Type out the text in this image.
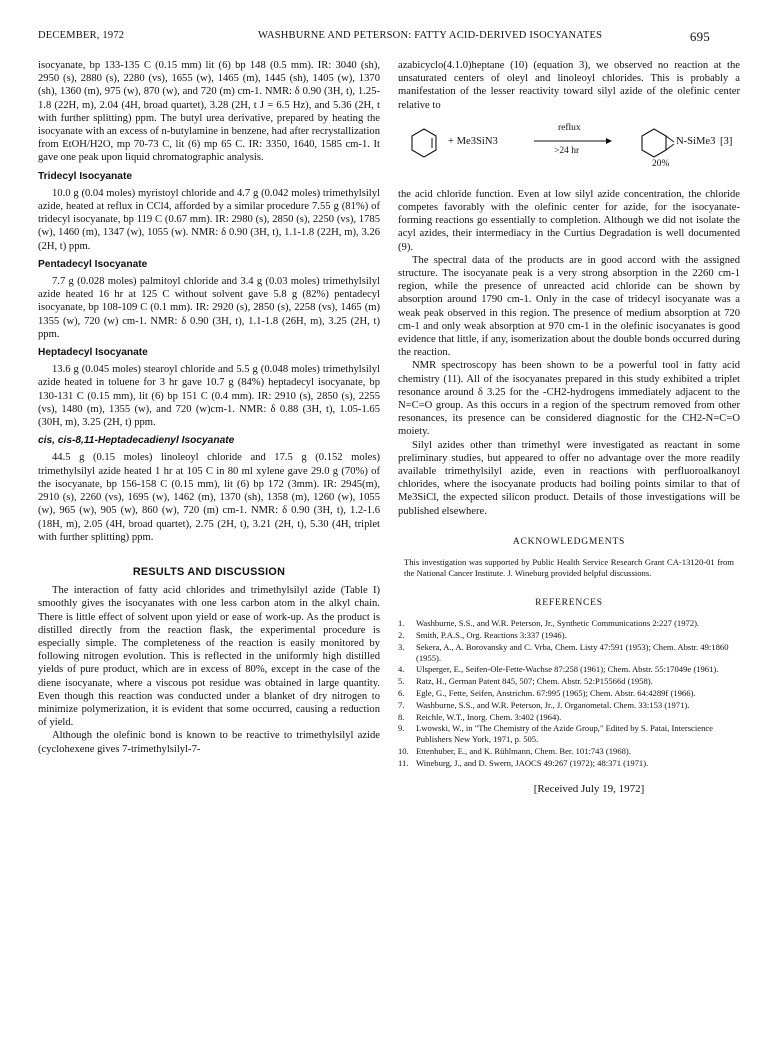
DECEMBER, 1972	WASHBURNE AND PETERSON: FATTY ACID-DERIVED ISOCYANATES	695

isocyanate, bp 133-135 C (0.15 mm) lit (6) bp 148 (0.5 mm). IR: 3040 (sh), 2950 (s), 2880 (s), 2280 (vs), 1655 (w), 1465 (m), 1445 (sh), 1405 (w), 1370 (sh), 1360 (m), 975 (w), 870 (w), and 720 (m) cm-1. NMR: δ 0.90 (3H, t), 1.25-1.8 (22H, m), 2.04 (4H, broad quartet), 3.28 (2H, t J = 6.5 Hz), and 5.36 (2H, t with further splitting) ppm. The butyl urea derivative, prepared by heating the isocyanate with an excess of n-butylamine in benzene, had after recrystallization from EtOH/H2O, mp 70-73 C, lit (6) mp 65 C. IR: 3350, 1640, 1585 cm-1. It gave one peak upon liquid chromatographic analysis.

Tridecyl Isocyanate

10.0 g (0.04 moles) myristoyl chloride and 4.7 g (0.042 moles) trimethylsilyl azide, heated at reflux in CCl4, afforded by a similar procedure 7.55 g (81%) of tridecyl isocyanate, bp 119 C (0.67 mm). IR: 2980 (s), 2850 (s), 2250 (vs), 1785 (w), 1460 (m), 1347 (w), 1055 (w). NMR: δ 0.90 (3H, t), 1.1-1.8 (22H, m), 3.26 (2H, t) ppm.

Pentadecyl Isocyanate

7.7 g (0.028 moles) palmitoyl chloride and 3.4 g (0.03 moles) trimethylsilyl azide heated 16 hr at 125 C without solvent gave 5.8 g (82%) pentadecyl isocyanate, bp 108-109 C (0.1 mm). IR: 2920 (s), 2850 (s), 2258 (vs), 1465 (m) 1355 (w), 720 (w) cm-1. NMR: δ 0.90 (3H, t), 1.1-1.8 (26H, m), 3.25 (2H, t) ppm.

Heptadecyl Isocyanate

13.6 g (0.045 moles) stearoyl chloride and 5.5 g (0.048 moles) trimethylsilyl azide heated in toluene for 3 hr gave 10.7 g (84%) heptadecyl isocyanate, bp 130-131 C (0.15 mm), lit (6) bp 151 C (0.4 mm). IR: 2910 (s), 2850 (s), 2255 (vs), 1480 (m), 1355 (w), and 720 (w)cm-1. NMR: δ 0.88 (3H, t), 1.05-1.65 (30H, m), 3.25 (2H, t) ppm.

cis, cis-8,11-Heptadecadienyl Isocyanate

44.5 g (0.15 moles) linoleoyl chloride and 17.5 g (0.152 moles) trimethylsilyl azide heated 1 hr at 105 C in 80 ml xylene gave 29.0 g (70%) of the isocyanate, bp 156-158 C (0.15 mm), lit (6) bp 172 (3mm). IR: 2945(m), 2910 (s), 2260 (vs), 1695 (w), 1462 (m), 1370 (sh), 1358 (m), 1260 (w), 1055 (w), 965 (w), 905 (w), 860 (w), 720 (m) cm-1. NMR: δ 0.90 (3H, t), 1.2-1.6 (18H, m), 2.05 (4H, broad quartet), 2.75 (2H, t), 3.21 (2H, t), 5.30 (4H, triplet with further splitting) ppm.

RESULTS AND DISCUSSION

The interaction of fatty acid chlorides and trimethylsilyl azide (Table I) smoothly gives the isocyanates with one less carbon atom in the alkyl chain. There is little effect of solvent upon yield or ease of work-up. As the product is distilled directly from the reaction flask, the experimental procedure is especially simple. The completeness of the reaction is easily monitored by following nitrogen evolution. This is reflected in the uniformly high distilled yields of pure product, which are in excess of 80%, except in the case of the diene isocyanate, where a viscous pot residue was obtained in large quantity. Even though this reaction was conducted under a blanket of dry nitrogen to minimize polymerization, it is evident that some occurred, causing a reduction of yield.

Although the olefinic bond is known to be reactive to trimethylsilyl azide (cyclohexene gives 7-trimethylsilyl-7-

azabicyclo(4.1.0)heptane (10) (equation 3), we observed no reaction at the unsaturated centers of oleyl and linoleoyl chlorides. This is probably a manifestation of the lesser reactivity toward silyl azide of the olefinic center relative to

+ Me3SiN3
reflux
>24 hr
N-SiMe3
20%
[3]

the acid chloride function. Even at low silyl azide concentration, the chloride competes favorably with the olefinic center for azide, for the isocyanate-forming reactions go essentially to completion. Although we did not isolate the acyl azides, their intermediacy in the Curtius Degradation is well documented (9).

The spectral data of the products are in good accord with the assigned structure. The isocyanate peak is a very strong absorption in the 2260 cm-1 region, while the presence of unreacted acid chloride can be shown by absorption around 1790 cm-1. Only in the case of tridecyl isocyanate was a weak peak observed in this region. The presence of medium absorption at 720 cm-1 and only weak absorption at 970 cm-1 in the olefinic isocyanates is good evidence that little, if any, isomerization about the double bonds occurred during the reaction.

NMR spectroscopy has been shown to be a powerful tool in fatty acid chemistry (11). All of the isocyanates prepared in this study exhibited a triplet resonance around δ 3.25 for the -CH2-hydrogens immediately adjacent to the N=C=O group. As this occurs in a region of the spectrum removed from other resonances, its presence can be considered diagnostic for the CH2-N=C=O moiety.

Silyl azides other than trimethyl were investigated as reactant in some preliminary studies, but appeared to offer no advantage over the more readily available trimethylsilyl azide, even in reactions with perfluoroalkanoyl chlorides, where the isocyanate products had boiling points similar to that of Me3SiCl, the expected silicon product. Details of those investigations will be published elsewhere.

ACKNOWLEDGMENTS
This investigation was supported by Public Health Service Research Grant CA-13120-01 from the National Cancer Institute. J. Wineburg provided helpful discussions.
REFERENCES
1. Washburne, S.S., and W.R. Peterson, Jr., Synthetic Communications 2:227 (1972).
2. Smith, P.A.S., Org. Reactions 3:337 (1946).
3. Sekera, A., A. Borovansky and C. Vrba, Chem. Listy 47:591 (1953); Chem. Abstr. 49:1860 (1955).
4. Ulsperger, E., Seifen-Ole-Fette-Wachse 87:258 (1961); Chem. Abstr. 55:17049e (1961).
5. Ratz, H., German Patent 845, 507; Chem. Abstr. 52:P15566d (1958).
6. Egle, G., Fette, Seifen, Anstrichm. 67:995 (1965); Chem. Abstr. 64:4289f (1966).
7. Washburne, S.S., and W.R. Peterson, Jr., J. Organometal. Chem. 33:153 (1971).
8. Reichle, W.T., Inorg. Chem. 3:402 (1964).
9. Lwowski, W., in "The Chemistry of the Azide Group," Edited by S. Patai, Interscience Publishers New York, 1971, p. 505.
10. Ettenhuber, E., and K. Rühlmann, Chem. Ber. 101:743 (1968).
11. Wineburg, J., and D. Swern, JAOCS 49:267 (1972); 48:371 (1971).
[Received July 19, 1972]
